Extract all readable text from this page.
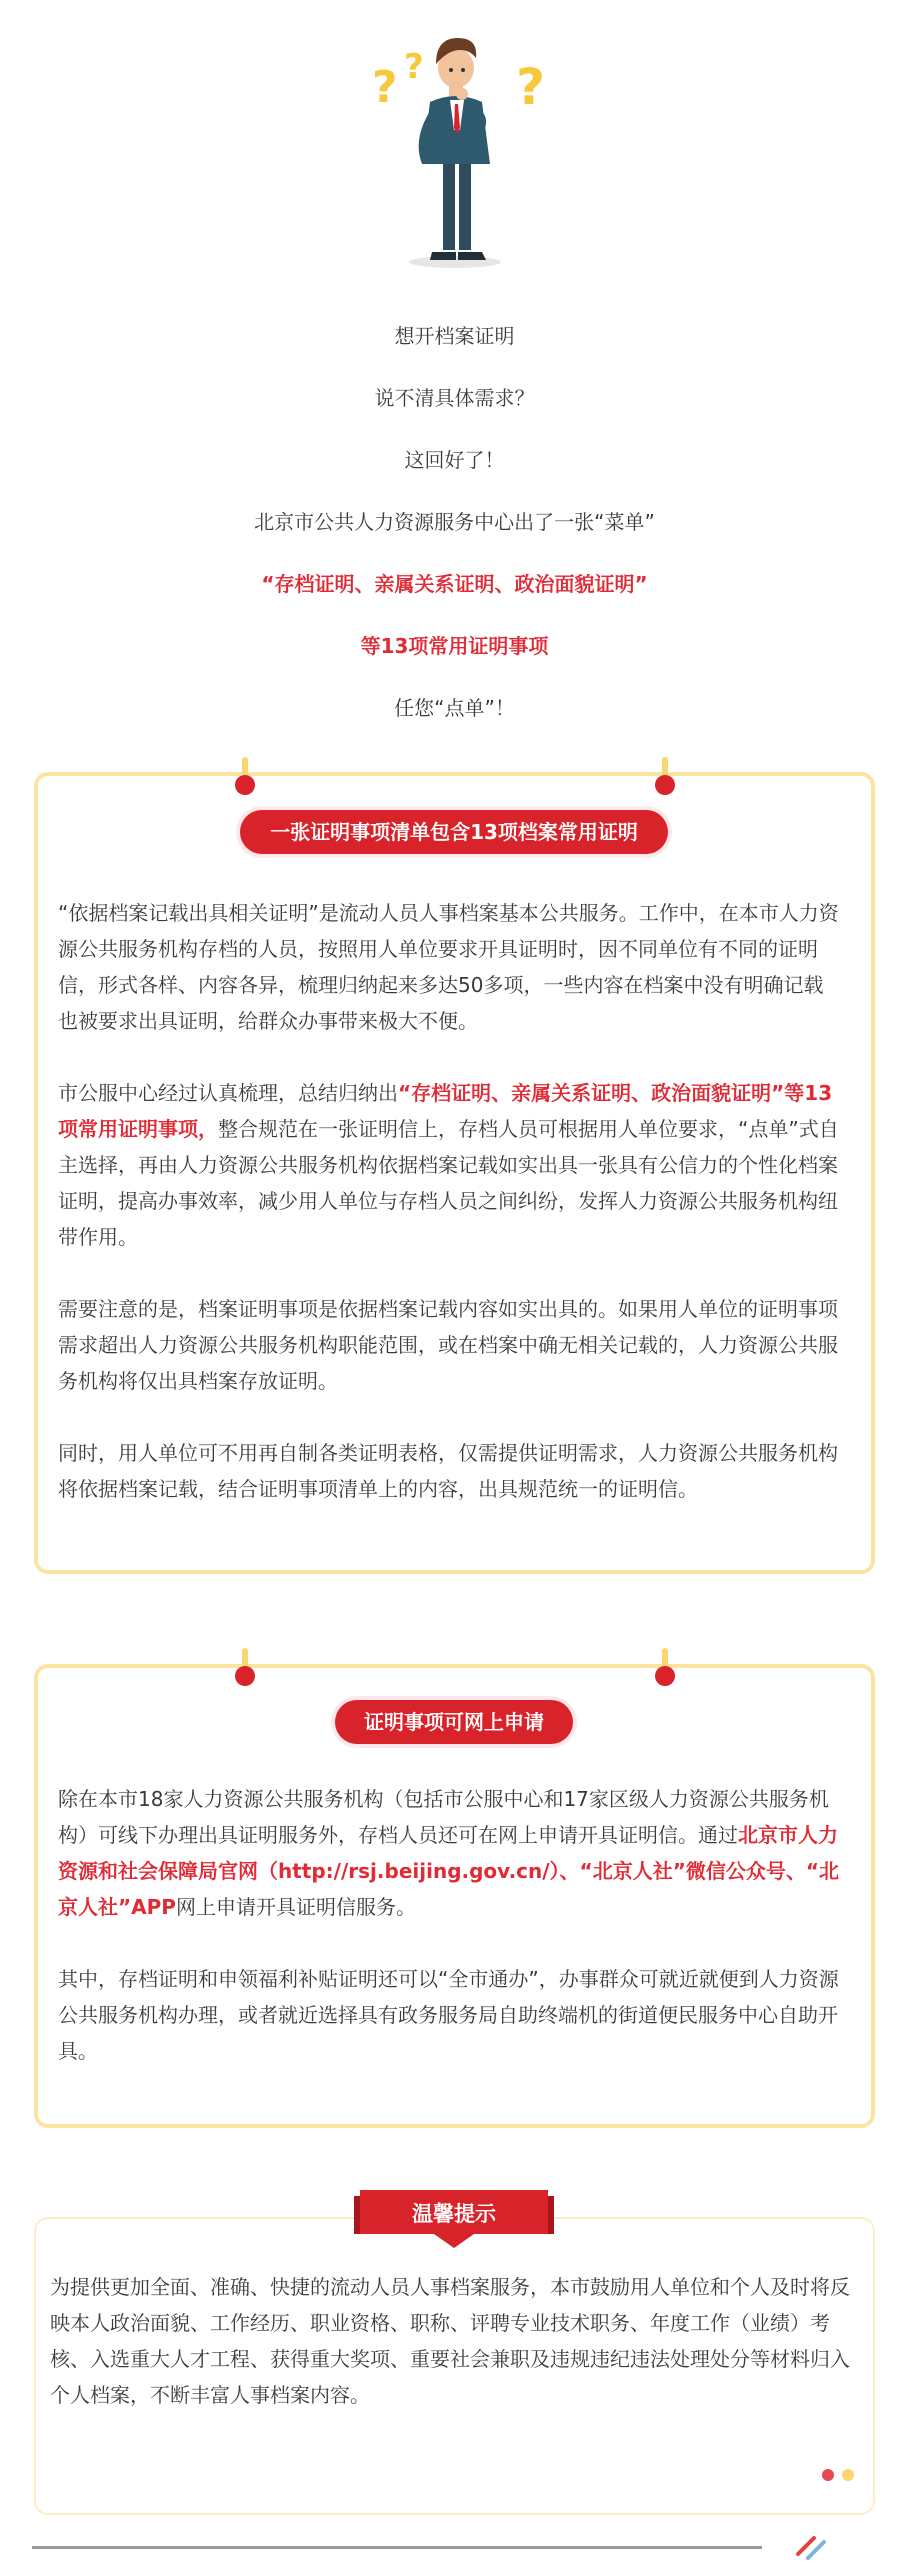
? ? ?
想开档案证明
说不清具体需求？
这回好了！
北京市公共人力资源服务中心出了一张“菜单”
“存档证明、亲属关系证明、政治面貌证明”
等13项常用证明事项
任您“点单”！
一张证明事项清单包含13项档案常用证明

“依据档案记载出具相关证明”是流动人员人事档案基本公共服务。工作中，在本市人力资源公共服务机构存档的人员，按照用人单位要求开具证明时，因不同单位有不同的证明信，形式各样、内容各异，梳理归纳起来多达50多项，一些内容在档案中没有明确记载也被要求出具证明，给群众办事带来极大不便。

市公服中心经过认真梳理，总结归纳出“存档证明、亲属关系证明、政治面貌证明”等13项常用证明事项，整合规范在一张证明信上，存档人员可根据用人单位要求，“点单”式自主选择，再由人力资源公共服务机构依据档案记载如实出具一张具有公信力的个性化档案证明，提高办事效率，减少用人单位与存档人员之间纠纷，发挥人力资源公共服务机构纽带作用。

需要注意的是，档案证明事项是依据档案记载内容如实出具的。如果用人单位的证明事项需求超出人力资源公共服务机构职能范围，或在档案中确无相关记载的，人力资源公共服务机构将仅出具档案存放证明。

同时，用人单位可不用再自制各类证明表格，仅需提供证明需求，人力资源公共服务机构将依据档案记载，结合证明事项清单上的内容，出具规范统一的证明信。

证明事项可网上申请

除在本市18家人力资源公共服务机构（包括市公服中心和17家区级人力资源公共服务机构）可线下办理出具证明服务外，存档人员还可在网上申请开具证明信。通过北京市人力资源和社会保障局官网（http://rsj.beijing.gov.cn/）、“北京人社”微信公众号、“北京人社”APP网上申请开具证明信服务。

其中，存档证明和申领福利补贴证明还可以“全市通办”，办事群众可就近就便到人力资源公共服务机构办理，或者就近选择具有政务服务局自助终端机的街道便民服务中心自助开具。

温馨提示

为提供更加全面、准确、快捷的流动人员人事档案服务，本市鼓励用人单位和个人及时将反映本人政治面貌、工作经历、职业资格、职称、评聘专业技术职务、年度工作（业绩）考核、入选重大人才工程、获得重大奖项、重要社会兼职及违规违纪违法处理处分等材料归入个人档案，不断丰富人事档案内容。
